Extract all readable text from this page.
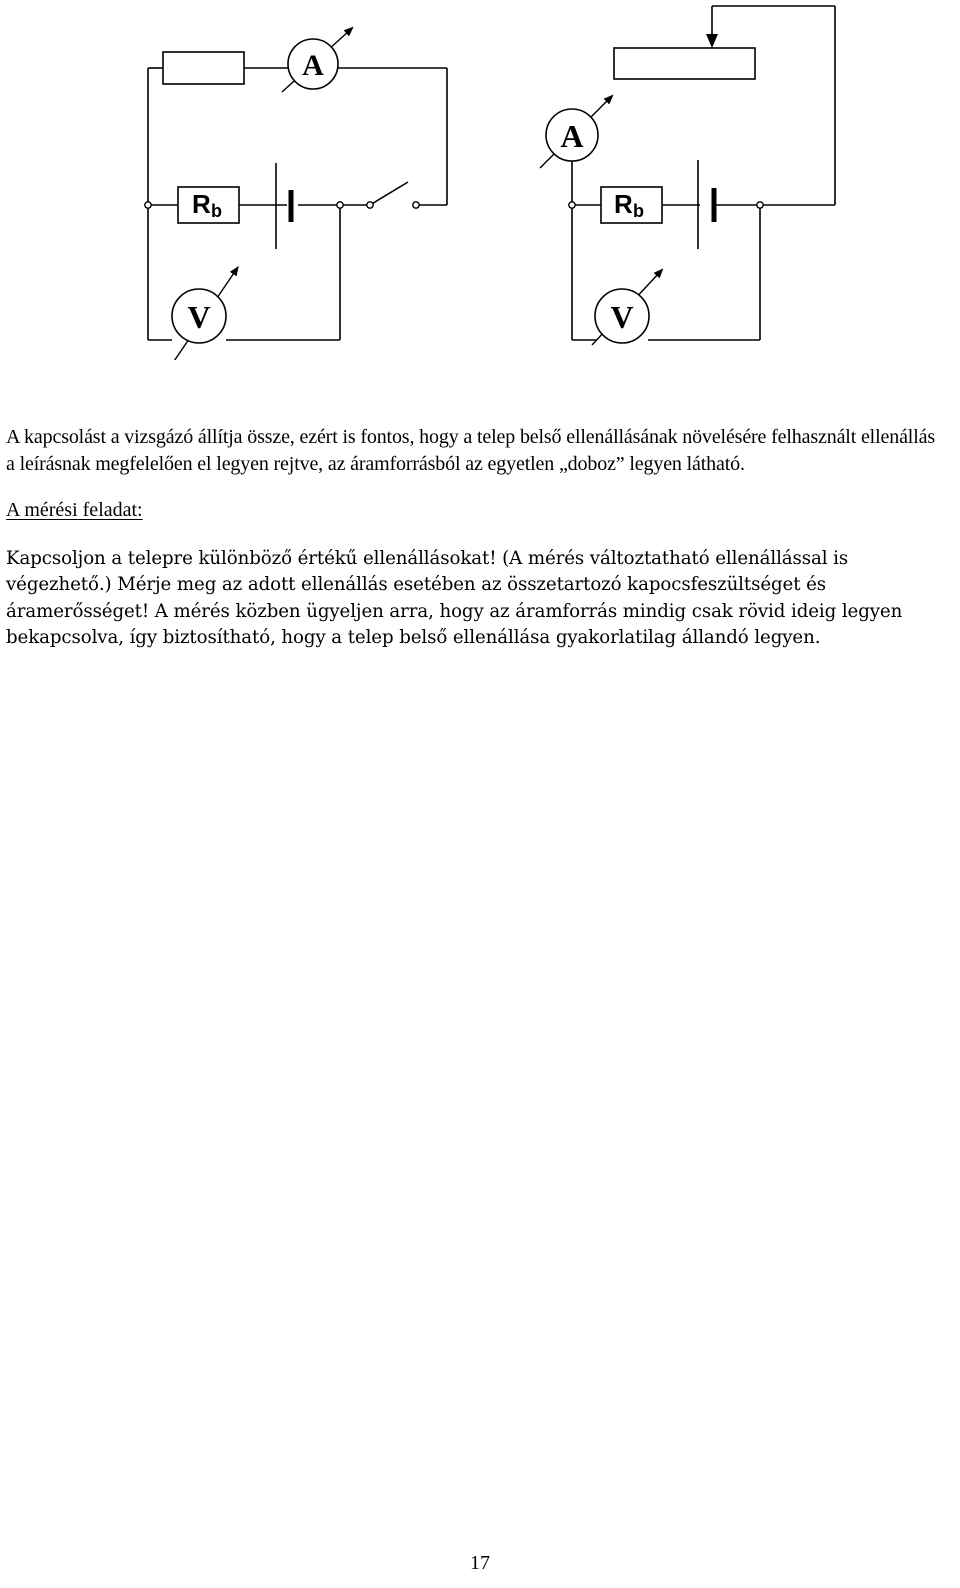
R b
A
V
R b
A
V

A kapcsolást a vizsgázó állítja össze, ezért is fontos, hogy a telep belső ellenállásának növelésére felhasznált ellenállás a leírásnak megfelelően el legyen rejtve, az áramforrásból az egyetlen „doboz” legyen látható.

A mérési feladat:

Kapcsoljon a telepre különböző értékű ellenállásokat! (A mérés változtatható ellenállással is végezhető.) Mérje meg az adott ellenállás esetében az összetartozó kapocsfeszültséget és áramerősséget! A mérés közben ügyeljen arra, hogy az áramforrás mindig csak rövid ideig legyen bekapcsolva, így biztosítható, hogy a telep belső ellenállása gyakorlatilag állandó legyen.

17
